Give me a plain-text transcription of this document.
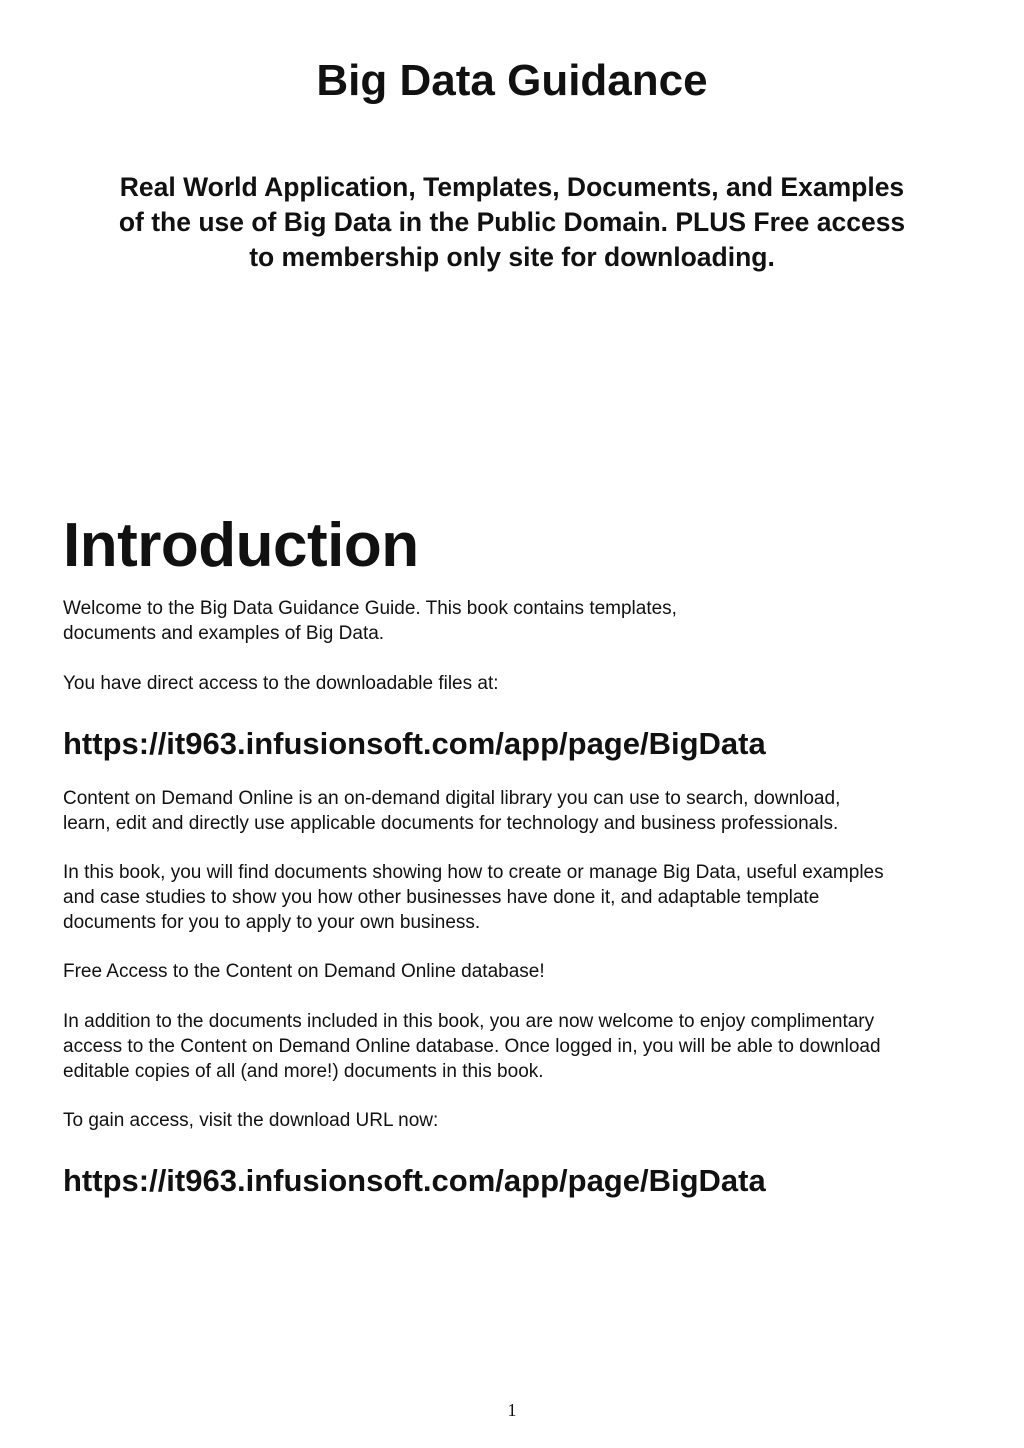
Big Data Guidance
Real World Application, Templates, Documents, and Examples
of the use of Big Data in the Public Domain. PLUS Free access
to membership only site for downloading.
Introduction

Welcome to the Big Data Guidance Guide. This book contains templates,
documents and examples of Big Data.

You have direct access to the downloadable files at:

https://it963.infusionsoft.com/app/page/BigData

Content on Demand Online is an on-demand digital library you can use to search, download,
learn, edit and directly use applicable documents for technology and business professionals.

In this book, you will find documents showing how to create or manage Big Data, useful examples
and case studies to show you how other businesses have done it, and adaptable template
documents for you to apply to your own business.

Free Access to the Content on Demand Online database!

In addition to the documents included in this book, you are now welcome to enjoy complimentary
access to the Content on Demand Online database. Once logged in, you will be able to download
editable copies of all (and more!) documents in this book.

To gain access, visit the download URL now:

https://it963.infusionsoft.com/app/page/BigData
1
